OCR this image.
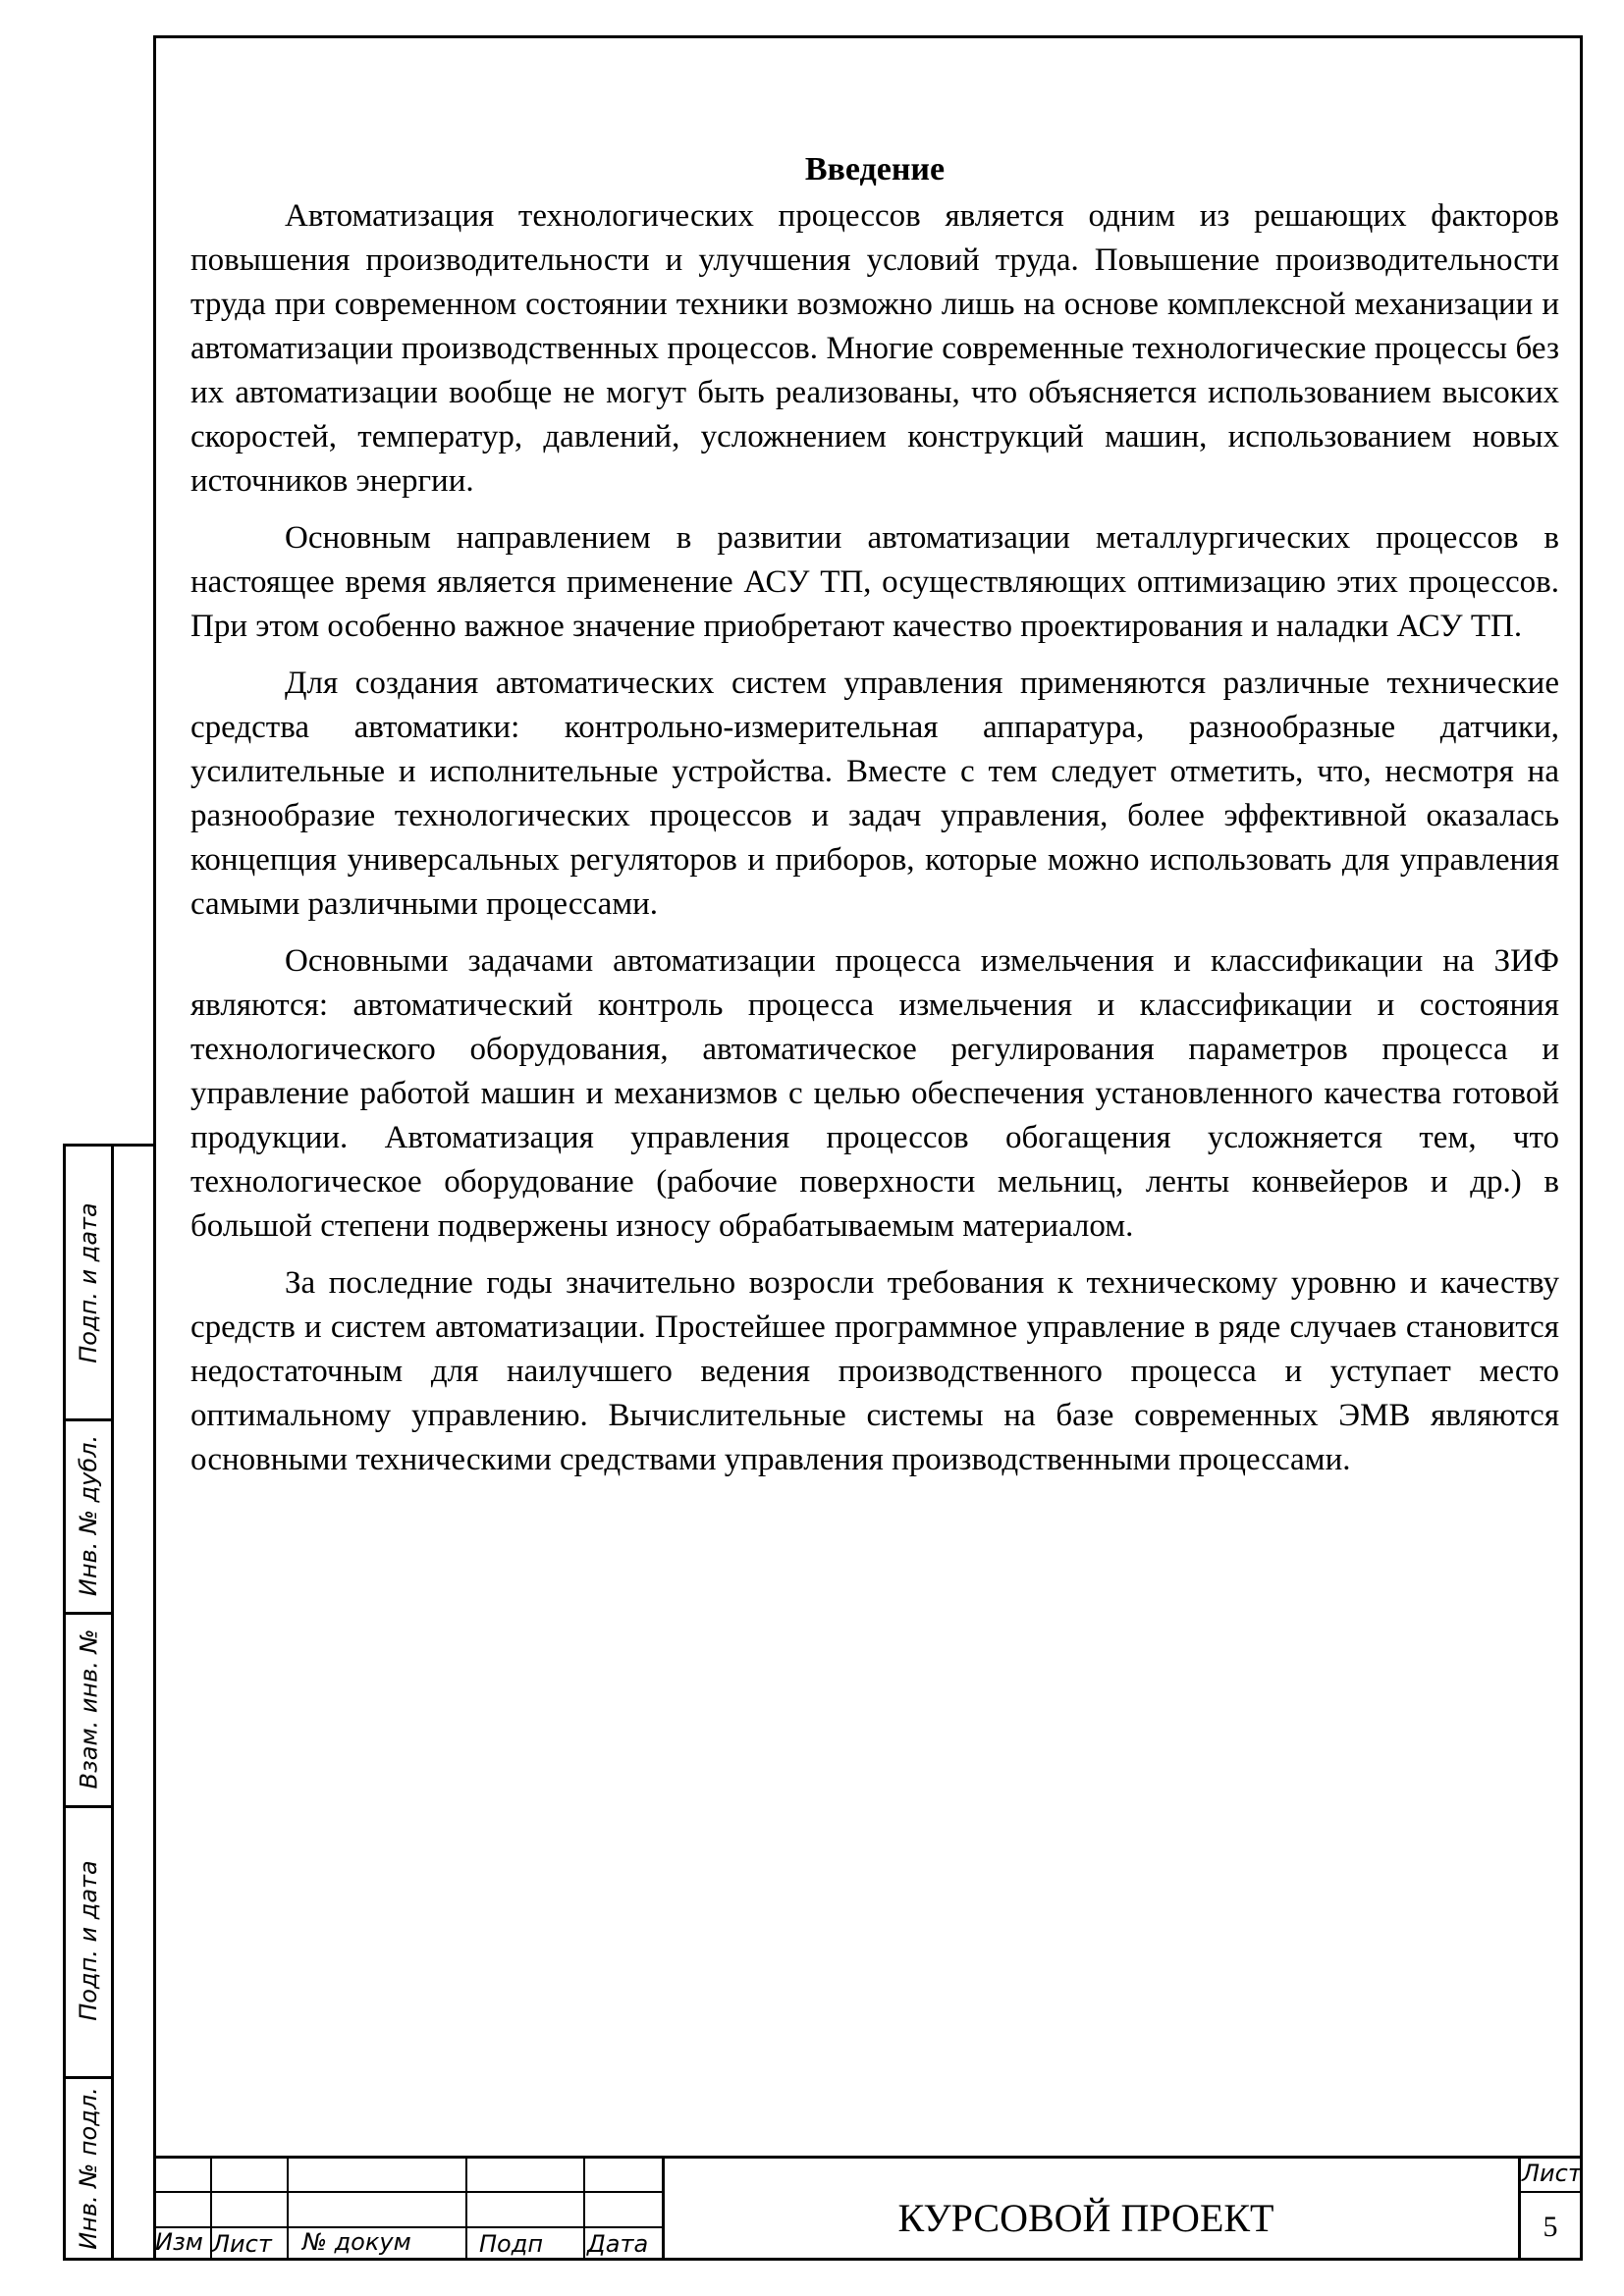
Введение

Автоматизация технологических процессов является одним из решающих факторов повышения производительности и улучшения условий труда. Повышение производительности труда при современном состоянии техники возможно лишь на основе комплексной механизации и автоматизации производственных процессов. Многие современные технологические процессы без их автоматизации вообще не могут быть реализованы, что объясняется использованием высоких скоростей, температур, давлений, усложнением конструкций машин, использованием новых источников энергии.

Основным направлением в развитии автоматизации металлургических процессов в настоящее время является применение АСУ ТП, осуществляющих оптимизацию этих процессов. При этом особенно важное значение приобретают качество проектирования и наладки АСУ ТП.

Для создания автоматических систем управления применяются различные технические средства автоматики: контрольно-измерительная аппаратура, разнообразные датчики, усилительные и исполнительные устройства. Вместе с тем следует отметить, что, несмотря на разнообразие технологических процессов и задач управления, более эффективной оказалась концепция универсальных регуляторов и приборов, которые можно использовать для управления самыми различными процессами.

Основными задачами автоматизации процесса измельчения и классификации на ЗИФ являются: автоматический контроль процесса измельчения и классификации и состояния технологического оборудования, автоматическое регулирования параметров процесса и управление работой машин и механизмов с целью обеспечения установленного качества готовой продукции. Автоматизация управления процессов обогащения усложняется тем, что технологическое оборудование (рабочие поверхности мельниц, ленты конвейеров и др.) в большой степени подвержены износу обрабатываемым материалом.

За последние годы значительно возросли требования к техническому уровню и качеству средств и систем автоматизации. Простейшее программное управление в ряде случаев становится недостаточным для наилучшего ведения производственного процесса и уступает место оптимальному управлению. Вычислительные системы на базе современных ЭМВ являются основными техническими средствами управления производственными процессами.

Подп. и дата
Инв. № дубл.
Взам. инв. №
Подп. и дата
Инв. № подл. Изм Лист № докум	Подп Дата
КУРСОВОЙ ПРОЕКТ
Лист
5
